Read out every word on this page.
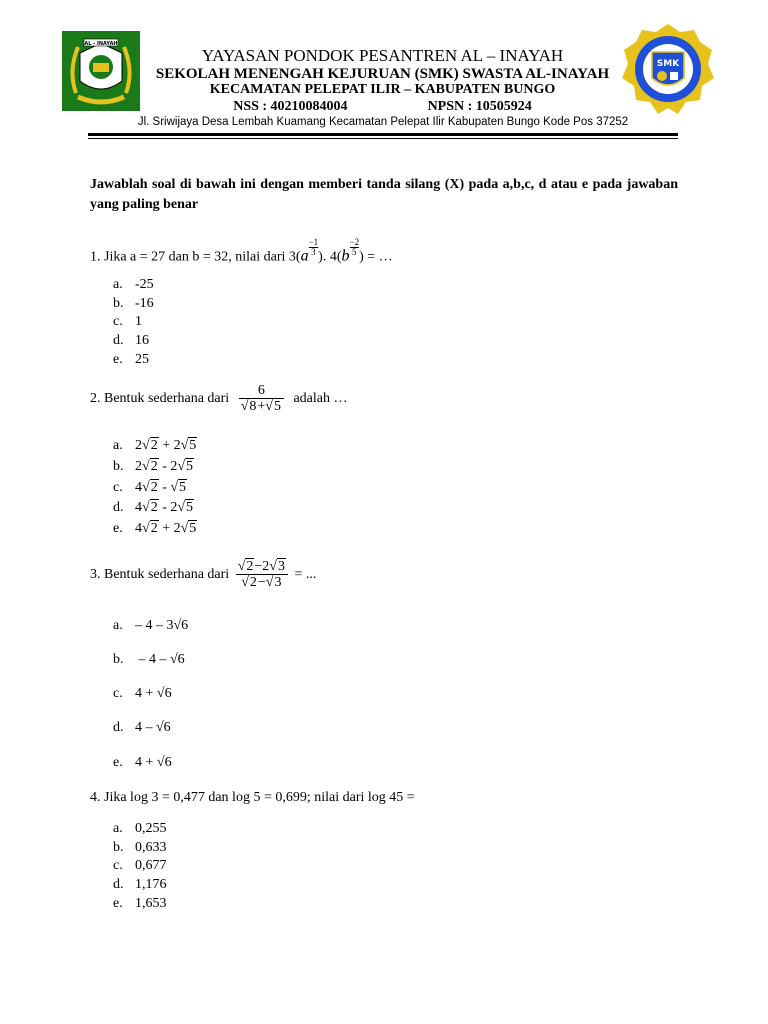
AL - INAYAH
SMK
YAYASAN PONDOK PESANTREN AL – INAYAH
SEKOLAH MENENGAH KEJURUAN (SMK) SWASTA AL-INAYAH
KECAMATAN PELEPAT ILIR – KABUPATEN BUNGO
NSS : 40210084004	NPSN : 10505924
Jl. Sriwijaya Desa Lembah Kuamang Kecamatan Pelepat Ilir Kabupaten Bungo Kode Pos 37252
Jawablah soal di bawah ini dengan memberi tanda silang (X) pada a,b,c, d atau e pada jawaban yang paling benar
1. Jika a = 27 dan b = 32, nilai dari $3(a \frac{-1}{3})$. $4(b \frac{-2}{5})$ = …
a. -25
b. -16
c. 1
d. 16
e. 25
2. Bentuk sederhana dari $\frac{6}{√8+√5}$ adalah …
a. 2√2 + 2√5
b. 2√2 - 2√5
c. 4√2 - √5
d. 4√2 - 2√5
e. 4√2 + 2√5
3. Bentuk sederhana dari $\frac{√2-2√3}{√2-√3}$ = ...
a. – 4 – 3√6
b. – 4 – √6
c. 4 + √6
d. 4 – √6
e. 4 + √6
4. Jika log 3 = 0,477 dan log 5 = 0,699; nilai dari log 45 =
a. 0,255
b. 0,633
c. 0,677
d. 1,176
e. 1,653
